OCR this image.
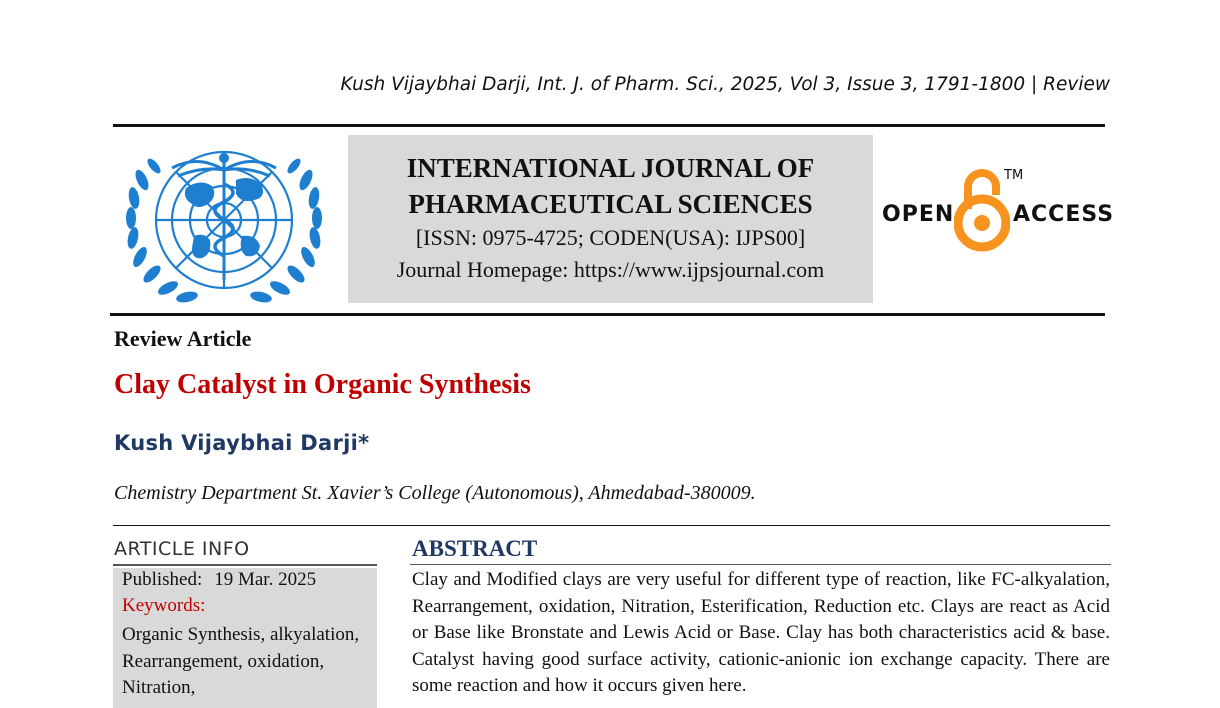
Kush Vijaybhai Darji, Int. J. of Pharm. Sci., 2025, Vol 3, Issue 3, 1791-1800 | Review
INTERNATIONAL JOURNAL OF
PHARMACEUTICAL SCIENCES
[ISSN: 0975-4725; CODEN(USA): IJPS00]
Journal Homepage: https://www.ijpsjournal.com
OPEN
TM
ACCESS
Review Article
Clay Catalyst in Organic Synthesis
Kush Vijaybhai Darji*
Chemistry Department St. Xavier’s College (Autonomous), Ahmedabad-380009.
ARTICLE INFO
Published: 19 Mar. 2025
Keywords:
Organic Synthesis, alkyalation, Rearrangement, oxidation, Nitration,
ABSTRACT
Clay and Modified clays are very useful for different type of reaction, like FC-alkyalation, Rearrangement, oxidation, Nitration, Esterification, Reduction etc. Clays are react as Acid or Base like Bronstate and Lewis Acid or Base. Clay has both characteristics acid & base. Catalyst having good surface activity, cationic-anionic ion exchange capacity. There are some reaction and how it occurs given here.
